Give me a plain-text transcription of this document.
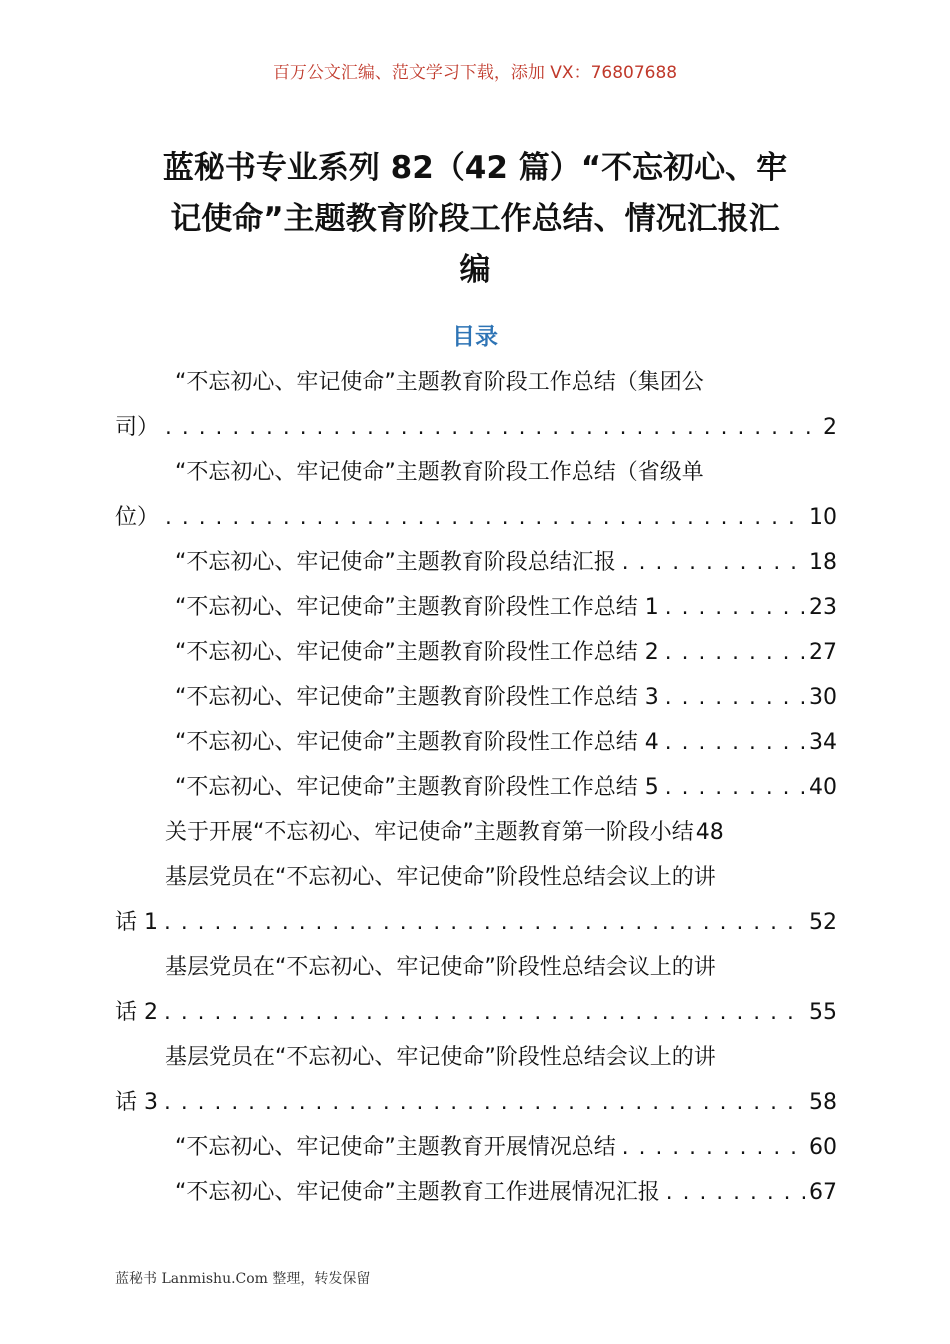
百万公文汇编、范文学习下载，添加 VX：76807688
蓝秘书专业系列 82（42 篇）“不忘初心、牢
记使命”主题教育阶段工作总结、情况汇报汇
编
目录
“不忘初心、牢记使命”主题教育阶段工作总结（集团公
司） .....	2
“不忘初心、牢记使命”主题教育阶段工作总结（省级单
位） .....	10
“不忘初心、牢记使命”主题教育阶段总结汇报 .....	18
“不忘初心、牢记使命”主题教育阶段性工作总结 1 .....	23
“不忘初心、牢记使命”主题教育阶段性工作总结 2 .....	27
“不忘初心、牢记使命”主题教育阶段性工作总结 3 .....	30
“不忘初心、牢记使命”主题教育阶段性工作总结 4 .....	34
“不忘初心、牢记使命”主题教育阶段性工作总结 5 .....	40
关于开展“不忘初心、牢记使命”主题教育第一阶段小结 48
基层党员在“不忘初心、牢记使命”阶段性总结会议上的讲
话 1 .....	52
基层党员在“不忘初心、牢记使命”阶段性总结会议上的讲
话 2 .....	55
基层党员在“不忘初心、牢记使命”阶段性总结会议上的讲
话 3 .....	58
“不忘初心、牢记使命”主题教育开展情况总结 .....	60
“不忘初心、牢记使命”主题教育工作进展情况汇报 .....	67
蓝秘书 Lanmishu.Com 整理，转发保留
